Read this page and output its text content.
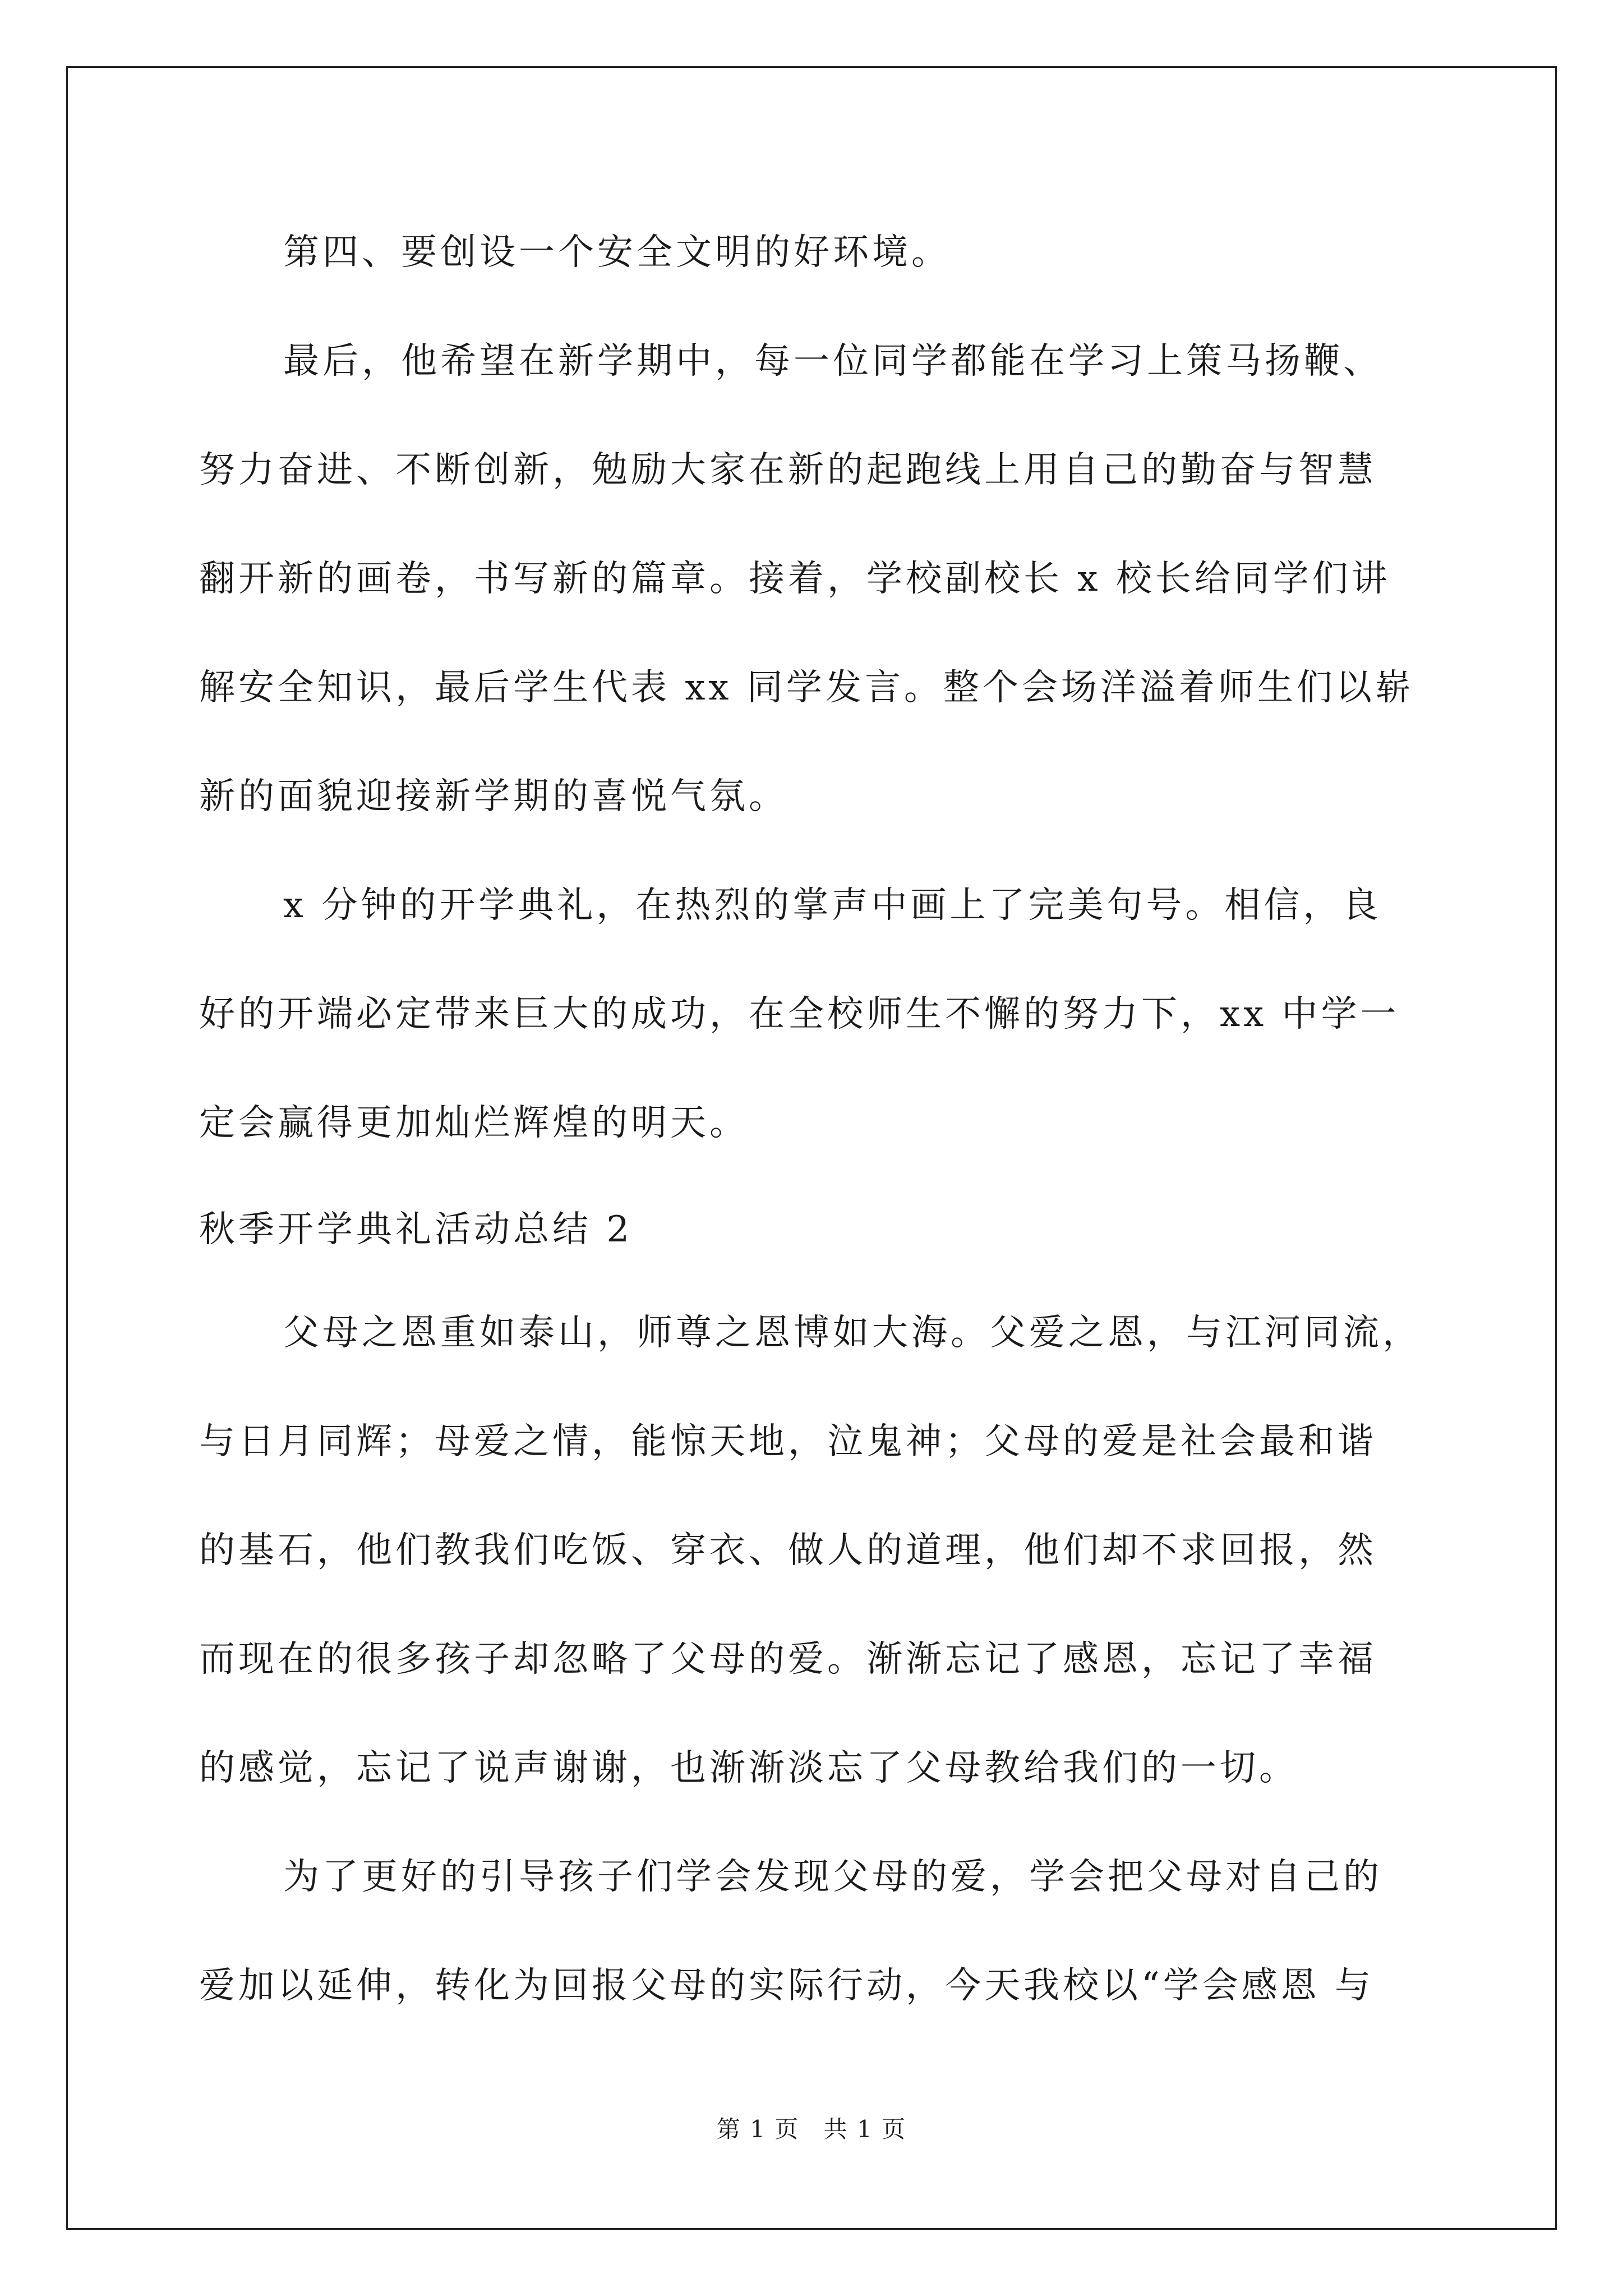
第四、要创设一个安全文明的好环境。
最后，他希望在新学期中，每一位同学都能在学习上策马扬鞭、
努力奋进、不断创新，勉励大家在新的起跑线上用自己的勤奋与智慧
翻开新的画卷，书写新的篇章。接着，学校副校长 x 校长给同学们讲
解安全知识，最后学生代表 xx 同学发言。整个会场洋溢着师生们以崭
新的面貌迎接新学期的喜悦气氛。
x 分钟的开学典礼，在热烈的掌声中画上了完美句号。相信，良
好的开端必定带来巨大的成功，在全校师生不懈的努力下，xx 中学一
定会赢得更加灿烂辉煌的明天。
秋季开学典礼活动总结 2
父母之恩重如泰山，师尊之恩博如大海。父爱之恩，与江河同流，
与日月同辉；母爱之情，能惊天地，泣鬼神；父母的爱是社会最和谐
的基石，他们教我们吃饭、穿衣、做人的道理，他们却不求回报，然
而现在的很多孩子却忽略了父母的爱。渐渐忘记了感恩，忘记了幸福
的感觉，忘记了说声谢谢，也渐渐淡忘了父母教给我们的一切。
为了更好的引导孩子们学会发现父母的爱，学会把父母对自己的
爱加以延伸，转化为回报父母的实际行动，今天我校以“学会感恩 与
第 1 页 共 1 页
